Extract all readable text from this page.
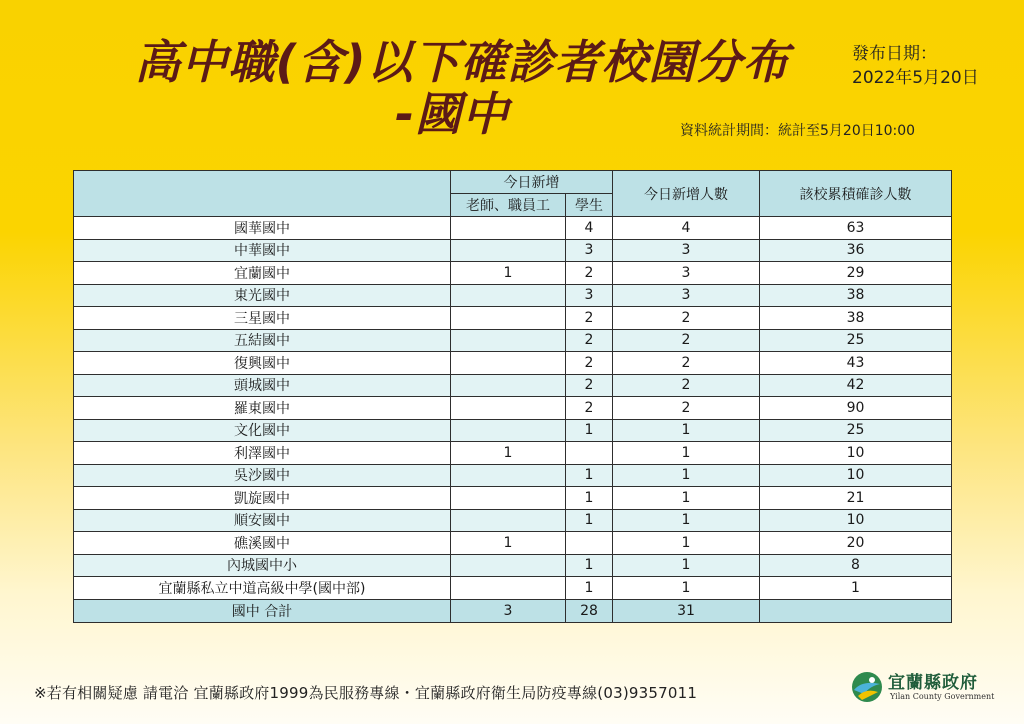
高中職(含)以下確診者校園分布
-國中
發布日期：
2022年5月20日
資料統計期間：統計至5月20日10:00
	今日新增		今日新增人數	該校累積確診人數
	老師、職員工	學生		
國華國中		4	4	63
中華國中		3	3	36
宜蘭國中	1	2	3	29
東光國中		3	3	38
三星國中		2	2	38
五結國中		2	2	25
復興國中		2	2	43
頭城國中		2	2	42
羅東國中		2	2	90
文化國中		1	1	25
利澤國中	1		1	10
吳沙國中		1	1	10
凱旋國中		1	1	21
順安國中		1	1	10
礁溪國中	1		1	20
內城國中小		1	1	8
宜蘭縣私立中道高級中學(國中部)		1	1	1
國中 合計	3	28	31	
※若有相關疑慮 請電洽 宜蘭縣政府1999為民服務專線・宜蘭縣政府衛生局防疫專線(03)9357011	宜蘭縣政府
Yilan County Government
